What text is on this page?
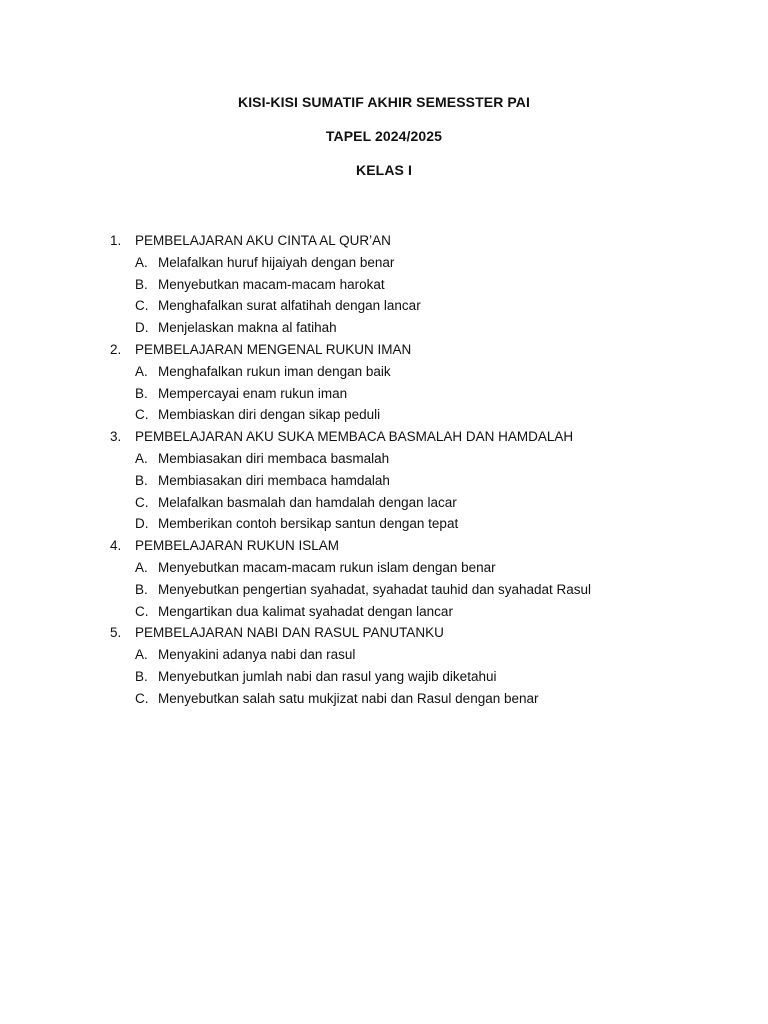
KISI-KISI SUMATIF AKHIR SEMESSTER PAI
TAPEL 2024/2025
KELAS I
1.	PEMBELAJARAN AKU CINTA AL QUR’AN
A. Melafalkan huruf hijaiyah dengan benar
B. Menyebutkan macam-macam harokat
C. Menghafalkan surat alfatihah dengan lancar
D. Menjelaskan makna al fatihah
2.	PEMBELAJARAN MENGENAL RUKUN IMAN
A. Menghafalkan rukun iman dengan baik
B. Mempercayai enam rukun iman
C. Membiaskan diri dengan sikap peduli
3.	PEMBELAJARAN AKU SUKA MEMBACA BASMALAH DAN HAMDALAH
A. Membiasakan diri membaca basmalah
B. Membiasakan diri membaca hamdalah
C. Melafalkan basmalah dan hamdalah dengan lacar
D. Memberikan contoh bersikap santun dengan tepat
4.	PEMBELAJARAN RUKUN ISLAM
A. Menyebutkan macam-macam rukun islam dengan benar
B. Menyebutkan pengertian syahadat, syahadat tauhid dan syahadat Rasul
C. Mengartikan dua kalimat syahadat dengan lancar
5.	PEMBELAJARAN NABI DAN RASUL PANUTANKU
A. Menyakini adanya nabi dan rasul
B. Menyebutkan jumlah nabi dan rasul yang wajib diketahui
C. Menyebutkan salah satu mukjizat nabi dan Rasul dengan benar
